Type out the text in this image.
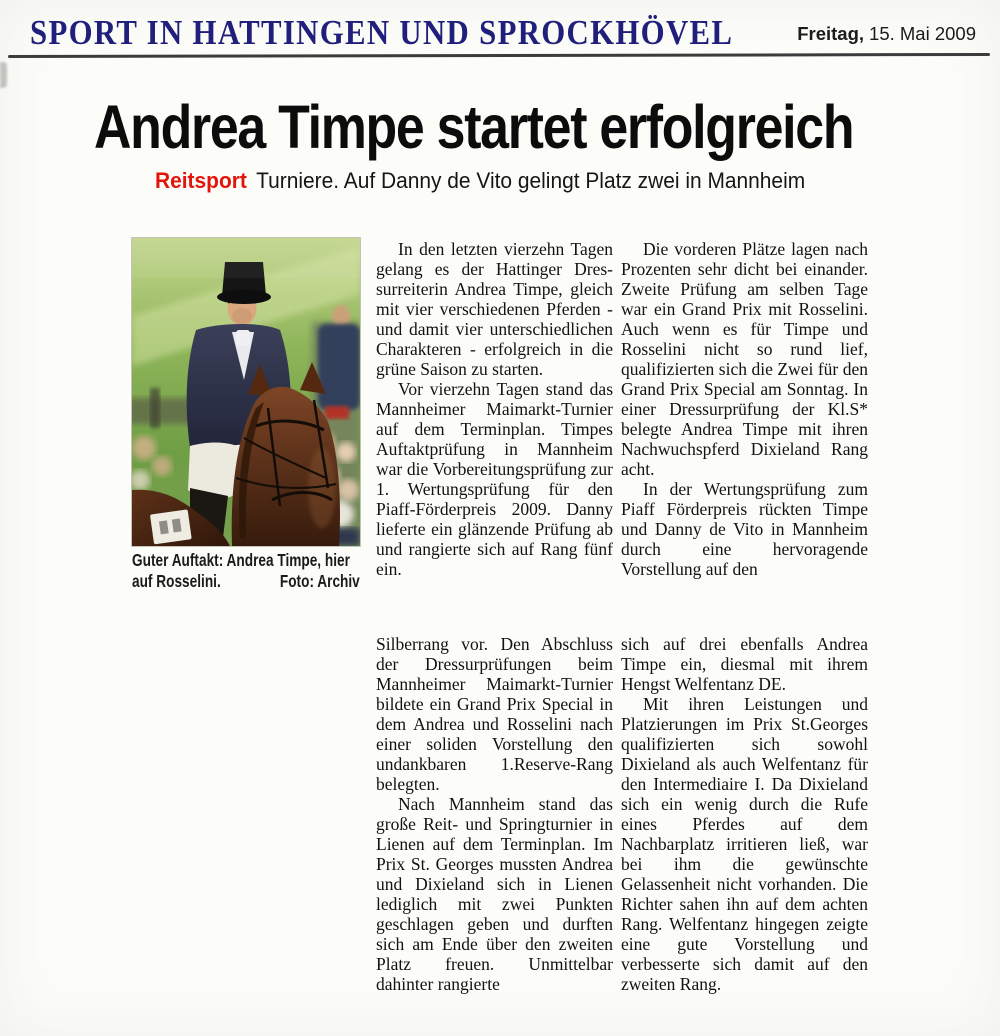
SPORT IN HATTINGEN UND SPROCKHÖVEL	Freitag, 15. Mai 2009
Andrea Timpe startet erfolgreich
Reitsport Turniere. Auf Danny de Vito gelingt Platz zwei in Mannheim
Guter Auftakt: Andrea Timpe, hier
auf Rosselini.	Foto: Archiv

In den letzten vierzehn Tagen gelang es der Hattinger Dressurreiterin Andrea Timpe, gleich mit vier verschiedenen Pferden - und damit vier unterschiedlichen Charakteren - erfolgreich in die grüne Saison zu starten.

Vor vierzehn Tagen stand das Mannheimer Maimarkt-Turnier auf dem Terminplan. Timpes Auftaktprüfung in Mannheim war die Vorbereitungsprüfung zur 1. Wertungsprüfung für den Piaff-Förderpreis 2009. Danny lieferte ein glänzende Prüfung ab und rangierte sich auf Rang fünf ein.

Die vorderen Plätze lagen nach Prozenten sehr dicht bei einander. Zweite Prüfung am selben Tage war ein Grand Prix mit Rosselini. Auch wenn es für Timpe und Rosselini nicht so rund lief, qualifizierten sich die Zwei für den Grand Prix Special am Sonntag. In einer Dressurprüfung der Kl.S* belegte Andrea Timpe mit ihren Nachwuchspferd Dixieland Rang acht.

In der Wertungsprüfung zum Piaff Förderpreis rückten Timpe und Danny de Vito in Mannheim durch eine hervoragende Vorstellung auf den

Silberrang vor. Den Abschluss der Dressurprüfungen beim Mannheimer Maimarkt-Turnier bildete ein Grand Prix Special in dem Andrea und Rosselini nach einer soliden Vorstellung den undankbaren 1.Reserve-Rang belegten.

Nach Mannheim stand das große Reit- und Springturnier in Lienen auf dem Terminplan. Im Prix St. Georges mussten Andrea und Dixieland sich in Lienen lediglich mit zwei Punkten geschlagen geben und durften sich am Ende über den zweiten Platz freuen. Unmittelbar dahinter rangierte

sich auf drei ebenfalls Andrea Timpe ein, diesmal mit ihrem Hengst Welfentanz DE.

Mit ihren Leistungen und Platzierungen im Prix St.Georges qualifizierten sich sowohl Dixieland als auch Welfentanz für den Intermediaire I. Da Dixieland sich ein wenig durch die Rufe eines Pferdes auf dem Nachbarplatz irritieren ließ, war bei ihm die gewünschte Gelassenheit nicht vorhanden. Die Richter sahen ihn auf dem achten Rang. Welfentanz hingegen zeigte eine gute Vorstellung und verbesserte sich damit auf den zweiten Rang.
